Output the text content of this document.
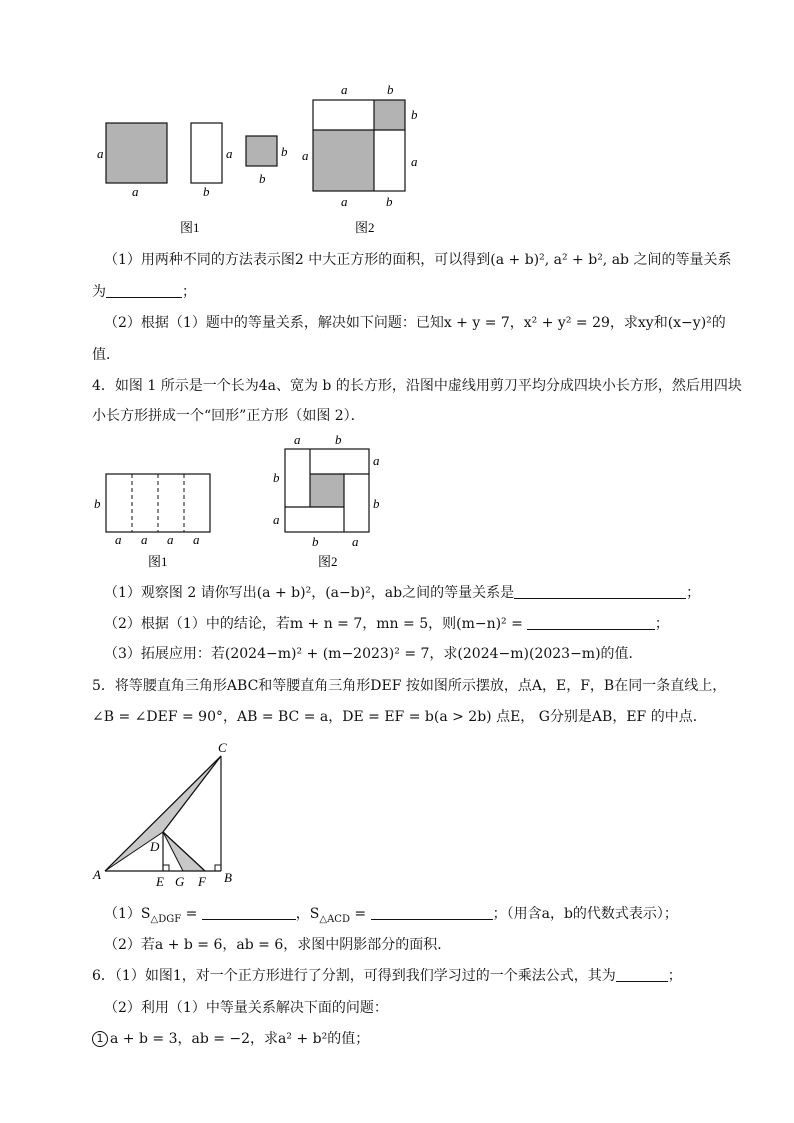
a
a
a
b
b
b
图1
a	b
b
a
a
a	b
图2
b
a a a a
图1
a	b
a
b
b
a
b	a
图2
C
D
A	E G F B
（1）用两种不同的方法表示图2 中大正方形的面积，可以得到(a + b)², a² + b², ab 之间的等量关系
为	；
（2）根据（1）题中的等量关系，解决如下问题：已知x + y = 7，x² + y² = 29，求xy和(x−y)²的
值．
4．如图 1 所示是一个长为4a、宽为 b 的长方形，沿图中虚线用剪刀平均分成四块小长方形，然后用四块
小长方形拼成一个“回形”正方形（如图 2）．
（1）观察图 2 请你写出(a + b)²，(a−b)²，ab之间的等量关系是	；
（2）根据（1）中的结论，若m + n = 7，mn = 5，则(m−n)² =	；
（3）拓展应用：若(2024−m)² + (m−2023)² = 7，求(2024−m)(2023−m)的值．
5．将等腰直角三角形ABC和等腰直角三角形DEF 按如图所示摆放，点A，E，F，B在同一条直线上，
∠B = ∠DEF = 90°，AB = BC = a，DE = EF = b(a > 2b) 点E， G分别是AB，EF 的中点．
$(1)S_{\triangle DGF}$ =	，$S_{\triangle ACD}$ =	；（用含a，b的代数式表示）；
（2）若a + b = 6，ab = 6，求图中阴影部分的面积．
6．（1）如图1，对一个正方形进行了分割，可得到我们学习过的一个乘法公式，其为	；
（2）利用（1）中等量关系解决下面的问题：
1 a + b = 3，ab = −2，求a² + b²的值；
